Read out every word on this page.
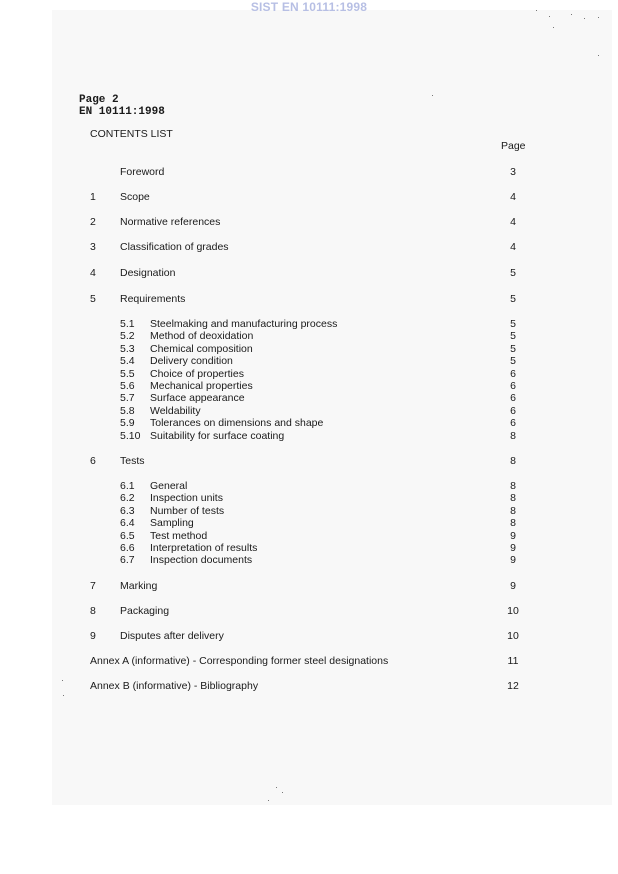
SIST EN 10111:1998
Page 2
EN 10111:1998
CONTENTS LIST
Page
Foreword	3
1 Scope	4
2 Normative references	4
3 Classification of grades	4
4 Designation	5
5 Requirements	5
6 Tests	8
7 Marking	9
8 Packaging	10
9 Disputes after delivery	10
5.1 Steelmaking and manufacturing process	5
5.2 Method of deoxidation	5
5.3 Chemical composition	5
5.4 Delivery condition	5
5.5 Choice of properties	6
5.6 Mechanical properties	6
5.7 Surface appearance	6
5.8 Weldability	6
5.9 Tolerances on dimensions and shape	6
5.10 Suitability for surface coating	8
6.1 General	8
6.2 Inspection units	8
6.3 Number of tests	8
6.4 Sampling	8
6.5 Test method	9
6.6 Interpretation of results	9
6.7 Inspection documents	9
Annex A (informative) - Corresponding former steel designations	11
Annex B (informative) - Bibliography	12
